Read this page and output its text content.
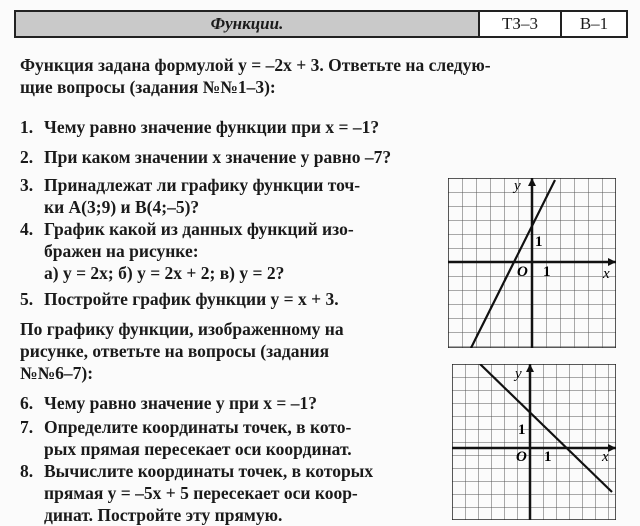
Функции.	ТЗ–3	В–1
Функция задана формулой y = –2x + 3. Ответьте на следую-
щие вопросы (задания №№1–3):
1. Чему равно значение функции при x = –1?
2. При каком значении x значение y равно –7?
3. Принадлежат ли графику функции точ-
ки A(3;9) и B(4;–5)?
4. График какой из данных функций изо-
бражен на рисунке:
а) y = 2x; б) y = 2x + 2; в) y = 2?
5. Постройте график функции y = x + 3.
По графику функции, изображенному на
рисунке, ответьте на вопросы (задания
№№6–7):
6. Чему равно значение y при x = –1?
7. Определите координаты точек, в кото-
рых прямая пересекает оси координат.
8. Вычислите координаты точек, в которых
прямая y = –5x + 5 пересекает оси коор-
динат. Постройте эту прямую.
y
x
O 1
1
y
x
O 1
1
